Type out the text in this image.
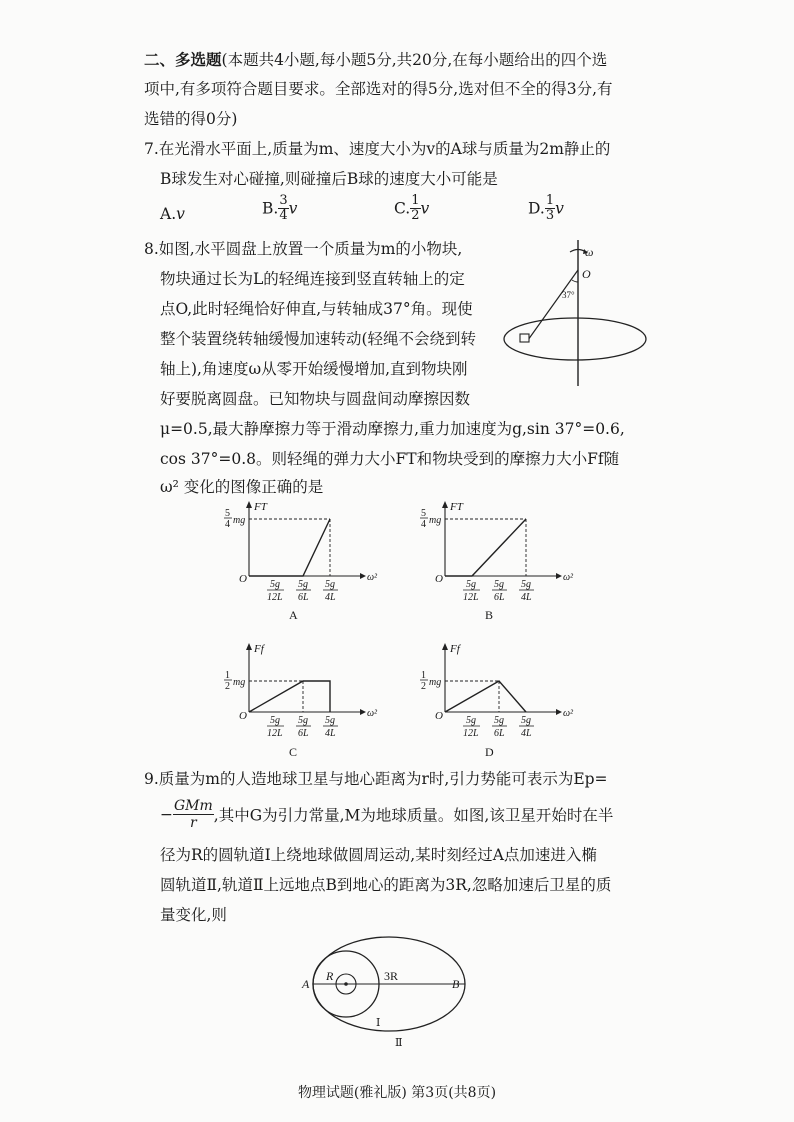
二、多选题(本题共4小题,每小题5分,共20分,在每小题给出的四个选
项中,有多项符合题目要求。全部选对的得5分,选对但不全的得3分,有
选错的得0分)
7.在光滑水平面上,质量为m、速度大小为v的A球与质量为2m静止的
B球发生对心碰撞,则碰撞后B球的速度大小可能是
A.v	B. $\frac{3}{4}$ v	C. $\frac{1}{2}$ v	D. $\frac{1}{3}$ v
8.如图,水平圆盘上放置一个质量为m的小物块,
物块通过长为L的轻绳连接到竖直转轴上的定
点O,此时轻绳恰好伸直,与转轴成37°角。现使
整个装置绕转轴缓慢加速转动(轻绳不会绕到转
轴上),角速度ω从零开始缓慢增加,直到物块刚
好要脱离圆盘。已知物块与圆盘间动摩擦因数
μ=0.5,最大静摩擦力等于滑动摩擦力,重力加速度为g,sin 37°=0.6,
cos 37°=0.8。则轻绳的弹力大小FT和物块受到的摩擦力大小Ff随
ω² 变化的图像正确的是
ω
O
37°
FT
5
4 mg
O	ω²
5g
12L
5g
6L
5g
4L
A
FT
5
4 mg
O	ω²
5g
12L
5g
6L
5g
4L
B
Ff
1
2 mg
O	ω²
5g
12L
5g
6L
5g
4L
C
Ff
1
2 mg
O	ω²
5g
12L
5g
6L
5g
4L
D
9.质量为m的人造地球卫星与地心距离为r时,引力势能可表示为Ep=
− $\frac{\text{GMm}}{r}$ ,其中G为引力常量,M为地球质量。如图,该卫星开始时在半
径为R的圆轨道Ⅰ上绕地球做圆周运动,某时刻经过A点加速进入椭
圆轨道Ⅱ,轨道Ⅱ上远地点B到地心的距离为3R,忽略加速后卫星的质
量变化,则
A	B
R	3R
Ⅰ
Ⅱ
物理试题(雅礼版) 第3页(共8页)
